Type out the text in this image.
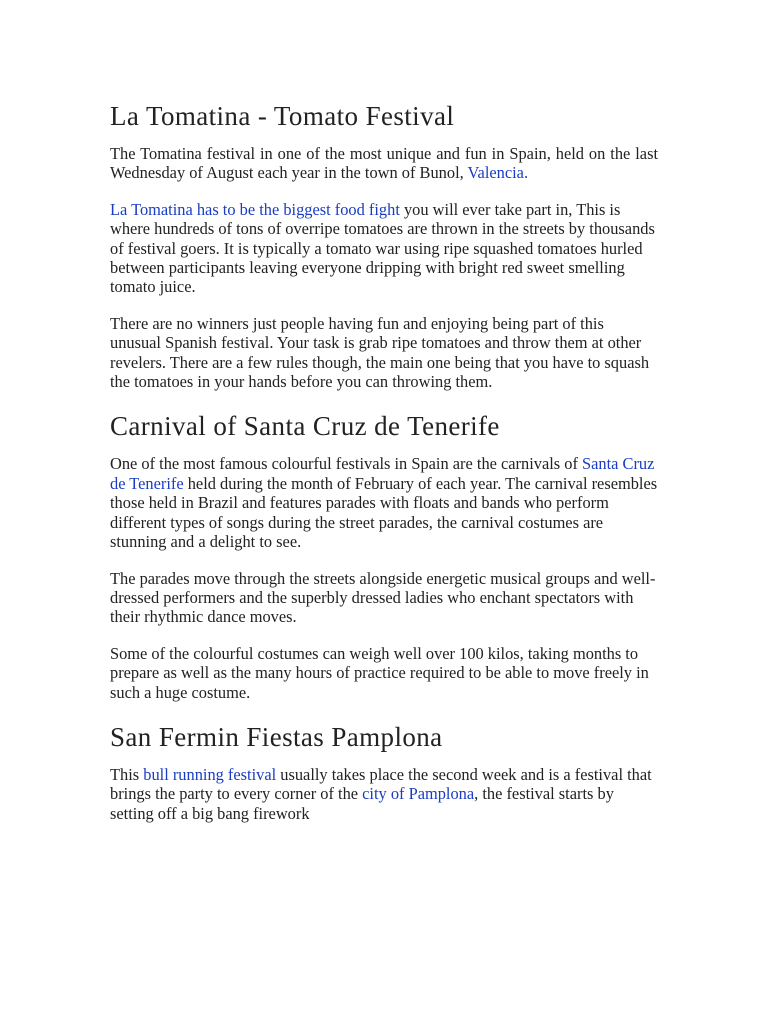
La Tomatina - Tomato Festival

The Tomatina festival in one of the most unique and fun in Spain, held on the last Wednesday of August each year in the town of Bunol, Valencia.

La Tomatina has to be the biggest food fight you will ever take part in, This is where hundreds of tons of overripe tomatoes are thrown in the streets by thousands of festival goers. It is typically a tomato war using ripe squashed tomatoes hurled between participants leaving everyone dripping with bright red sweet smelling tomato juice.

There are no winners just people having fun and enjoying being part of this unusual Spanish festival. Your task is grab ripe tomatoes and throw them at other revelers. There are a few rules though, the main one being that you have to squash the tomatoes in your hands before you can throwing them.

Carnival of Santa Cruz de Tenerife

One of the most famous colourful festivals in Spain are the carnivals of Santa Cruz de Tenerife held during the month of February of each year. The carnival resembles those held in Brazil and features parades with floats and bands who perform different types of songs during the street parades, the carnival costumes are stunning and a delight to see.

The parades move through the streets alongside energetic musical groups and well-dressed performers and the superbly dressed ladies who enchant spectators with their rhythmic dance moves.

Some of the colourful costumes can weigh well over 100 kilos, taking months to prepare as well as the many hours of practice required to be able to move freely in such a huge costume.

San Fermin Fiestas Pamplona

This bull running festival usually takes place the second week and is a festival that brings the party to every corner of the city of Pamplona, the festival starts by setting off a big bang firework
